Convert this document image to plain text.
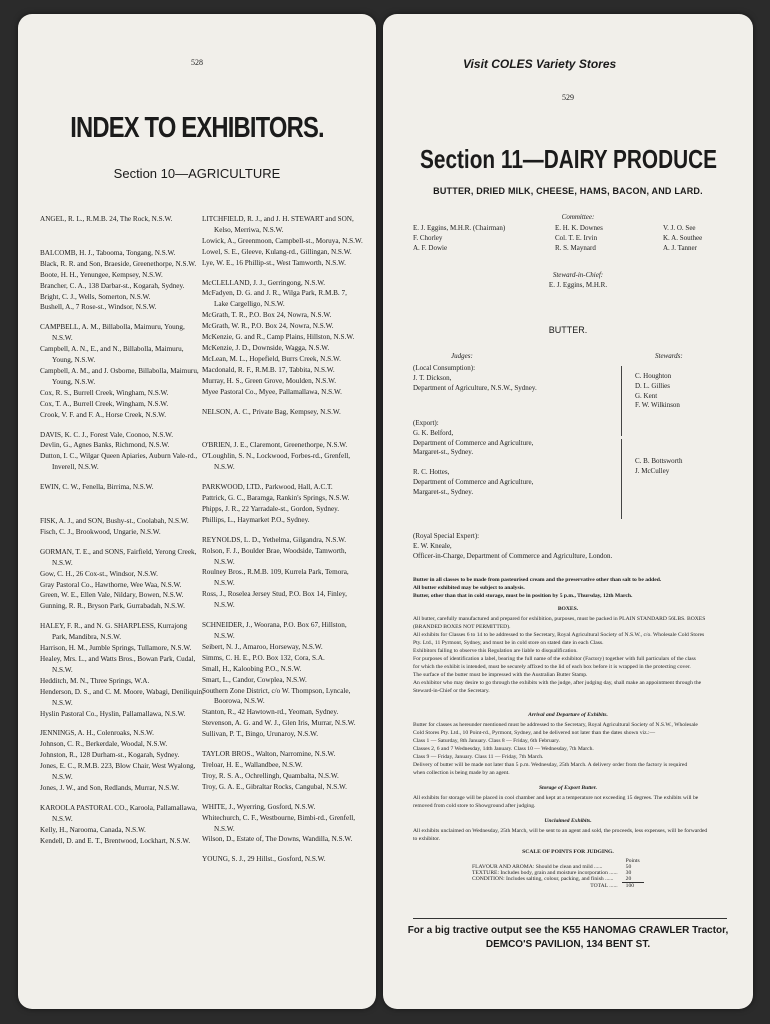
528
INDEX TO EXHIBITORS.
Section 10—AGRICULTURE
ANGEL, R. L., R.M.B. 24, The Rock, N.S.W.
BALCOMB, H. J., Tabooma, Tongang, N.S.W.
Black, R. R. and Son, Braeside, Greenethorpe, N.S.W.
Boote, H. H., Yenungee, Kempsey, N.S.W.
Brancher, C. A., 138 Darbar-st., Kogarah, Sydney.
Bright, C. J., Wells, Somerton, N.S.W.
Bushell, A., 7 Rose-st., Windsor, N.S.W.
CAMPBELL, A. M., Billabolla, Maimuru, Young,
N.S.W.
Campbell, A. N., E., and N., Billabolla, Maimuru,
Young, N.S.W.
Campbell, A. M., and J. Osborne, Billabolla, Maimuru,
Young, N.S.W.
Cox, R. S., Burrell Creek, Wingham, N.S.W.
Cox, T. A., Burrell Creek, Wingham, N.S.W.
Crook, V. F. and F. A., Horse Creek, N.S.W.
DAVIS, K. C. J., Forest Vale, Coonoo, N.S.W.
Devlin, G., Agnes Banks, Richmond, N.S.W.
Dutton, I. C., Wilgar Queen Apiaries, Auburn Vale-rd.,
Inverell, N.S.W.
EWIN, C. W., Fenella, Birrima, N.S.W.
FISK, A. J., and SON, Bushy-st., Coolabah, N.S.W.
Fisch, C. J., Brookwood, Ungarie, N.S.W.
GORMAN, T. E., and SONS, Fairfield, Yerong Creek,
N.S.W.
Gow, C. H., 26 Cox-st., Windsor, N.S.W.
Gray Pastoral Co., Hawthorne, Wee Waa, N.S.W.
Green, W. E., Ellen Vale, Nildary, Bowen, N.S.W.
Gunning, R. R., Bryson Park, Gurrabadah, N.S.W.
HALEY, F. R., and N. G. SHARPLESS, Kurrajong
Park, Mandibra, N.S.W.
Harrison, H. M., Jumble Springs, Tullamore, N.S.W.
Healey, Mrs. L., and Watts Bros., Bowan Park, Cudal,
N.S.W.
Hedditch, M. N., Three Springs, W.A.
Henderson, D. S., and C. M. Moore, Wabagi, Deniliquin,
N.S.W.
Hyslin Pastoral Co., Hyslin, Pallamallawa, N.S.W.
JENNINGS, A. H., Colenroaks, N.S.W.
Johnson, C. R., Berkerdale, Woodal, N.S.W.
Johnston, R., 128 Durham-st., Kogarah, Sydney.
Jones, E. C., R.M.B. 223, Blow Chair, West Wyalong,
N.S.W.
Jones, J. W., and Son, Redlands, Murrar, N.S.W.
KAROOLA PASTORAL CO., Karoola, Pallamallawa,
N.S.W.
Kelly, H., Narooma, Canada, N.S.W.
Kendell, D. and E. T., Brentwood, Lockhart, N.S.W.
LITCHFIELD, R. J., and J. H. STEWART and SON,
Kelso, Merriwa, N.S.W.
Lowick, A., Greenmoon, Campbell-st., Moruya, N.S.W.
Lowel, S. E., Gleeve, Kulang-rd., Gillingan, N.S.W.
Lye, W. E., 16 Phillip-st., West Tamworth, N.S.W.
McCLELLAND, J. J., Gerringong, N.S.W.
McFadyen, D. G. and J. R., Wilga Park, R.M.B. 7,
Lake Cargelligo, N.S.W.
McGrath, T. R., P.O. Box 24, Nowra, N.S.W.
McGrath, W. R., P.O. Box 24, Nowra, N.S.W.
McKenzie, G. and R., Camp Plains, Hillston, N.S.W.
McKenzie, J. D., Downside, Wagga, N.S.W.
McLean, M. L., Hopefield, Burrs Creek, N.S.W.
Macdonald, R. F., R.M.B. 17, Tabbita, N.S.W.
Murray, H. S., Green Grove, Moulden, N.S.W.
Myee Pastoral Co., Myee, Pallamallawa, N.S.W.
NELSON, A. C., Private Bag, Kempsey, N.S.W.
O'BRIEN, J. E., Claremont, Greenethorpe, N.S.W.
O'Loughlin, S. N., Lockwood, Forbes-rd., Grenfell,
N.S.W.
PARKWOOD, LTD., Parkwood, Hall, A.C.T.
Pattrick, G. C., Baramga, Rankin's Springs, N.S.W.
Phipps, J. R., 22 Yarradale-st., Gordon, Sydney.
Phillips, L., Haymarket P.O., Sydney.
REYNOLDS, L. D., Yethelma, Gilgandra, N.S.W.
Rolson, F. J., Boulder Brae, Woodside, Tamworth,
N.S.W.
Roulney Bros., R.M.B. 109, Kurrela Park, Temora,
N.S.W.
Ross, J., Roselea Jersey Stud, P.O. Box 14, Finley,
N.S.W.
SCHNEIDER, J., Woorana, P.O. Box 67, Hillston,
N.S.W.
Seibert, N. J., Amaroo, Horseway, N.S.W.
Simms, C. H. E., P.O. Box 132, Cora, S.A.
Small, H., Kaloobing P.O., N.S.W.
Smart, L., Candor, Cowplea, N.S.W.
Southern Zone District, c/o W. Thompson, Lyncale,
Boorowa, N.S.W.
Stanton, R., 42 Hawtown-rd., Yeoman, Sydney.
Stevenson, A. G. and W. J., Glen Iris, Murrar, N.S.W.
Sullivan, P. T., Bingo, Urunaroy, N.S.W.
TAYLOR BROS., Walton, Narromine, N.S.W.
Treloar, H. E., Wallandbee, N.S.W.
Troy, R. S. A., Ochrellingh, Quambalta, N.S.W.
Troy, G. A. E., Gibraltar Rocks, Cangubal, N.S.W.
WHITE, J., Wyerring, Gosford, N.S.W.
Whitechurch, C. F., Westbourne, Bimbi-rd., Grenfell,
N.S.W.
Wilson, D., Estate of, The Downs, Wandilla, N.S.W.
YOUNG, S. J., 29 Hillst., Gosford, N.S.W.
Visit COLES Variety Stores
529
Section 11—DAIRY PRODUCE
BUTTER, DRIED MILK, CHEESE, HAMS, BACON, AND LARD.
Committee:
E. J. Eggins, M.H.R. (Chairman)
F. Chorley
A. F. Dowie
E. H. K. Downes
Col. T. E. Irvin
R. S. Maynard
V. J. O. See
K. A. Southee
A. J. Tanner
Steward-in-Chief:
E. J. Eggins, M.H.R.
BUTTER.
Judges:	Stewards:
(Local Consumption):
J. T. Dickson,
Department of Agriculture, N.S.W., Sydney.
(Export):
G. K. Belford,
Department of Commerce and Agriculture,
Margaret-st., Sydney.

R. C. Hottes,
Department of Commerce and Agriculture,
Margaret-st., Sydney.
C. Houghton
D. L. Gillies
G. Kent
F. W. Wilkinson
C. B. Bottsworth
J. McCulley
(Royal Special Expert):
E. W. Kneale,
Officer-in-Charge, Department of Commerce and Agriculture, London.
Butter in all classes to be made from pasteurised cream and the preservative other than salt to be added.
All butter exhibited may be subject to analysis.
Butter, other than that in cold storage, must be in position by 5 p.m., Thursday, 12th March.
BOXES.
All butter, carefully manufactured and prepared for exhibition, purposes, must be packed in PLAIN STANDARD 56LBS. BOXES
(BRANDED BOXES NOT PERMITTED).
All exhibits for Classes 6 to 14 to be addressed to the Secretary, Royal Agricultural Society of N.S.W., c/o. Wholesale Cold Stores
Pty. Ltd., 11 Pyrmont, Sydney, and must be in cold store on stated date in each Class.
Exhibitors failing to observe this Regulation are liable to disqualification.
For purposes of identification a label, bearing the full name of the exhibitor (Factory) together with full particulars of the class
for which the exhibit is intended, must be securely affixed to the lid of each box before it is wrapped in the protecting cover.
The surface of the butter must be impressed with the Australian Butter Stamp.
An exhibitor who may desire to go through the exhibits with the judge, after judging day, shall make an appointment through the
Steward-in-Chief or the Secretary.
Arrival and Departure of Exhibits.
Butter for classes as hereunder mentioned must be addressed to the Secretary, Royal Agricultural Society of N.S.W., Wholesale
Cold Stores Pty. Ltd., 10 Point-rd., Pyrmont, Sydney, and be delivered not later than the dates shown viz.:—
Class 1 — Saturday, 8th January. Class 8 — Friday, 6th February.
Classes 2, 6 and 7 Wednesday, 14th January. Class 10 — Wednesday, 7th March.
Class 9 — Friday, January. Class 11 — Friday, 7th March.
Delivery of butter will be made not later than 5 p.m. Wednesday, 25th March. A delivery order from the factory is required
when collection is being made by an agent.
Storage of Export Butter.
All exhibits for storage will be placed in cool chamber and kept at a temperature not exceeding 15 degrees. The exhibits will be
removed from cold store to Showground after judging.
Unclaimed Exhibits.
All exhibits unclaimed on Wednesday, 25th March, will be sent to an agent and sold, the proceeds, less expenses, will be forwarded
to exhibitor.
SCALE OF POINTS FOR JUDGING.
	Points
FLAVOUR AND AROMA: Should be clean and mild ......	50
TEXTURE: Includes body, grain and moisture incorporation ......	30
CONDITION: Includes salting, colour, packing, and finish ......	20
TOTAL ......	100
For a big tractive output see the K55 HANOMAG CRAWLER Tractor,
DEMCO'S PAVILION, 134 BENT ST.
